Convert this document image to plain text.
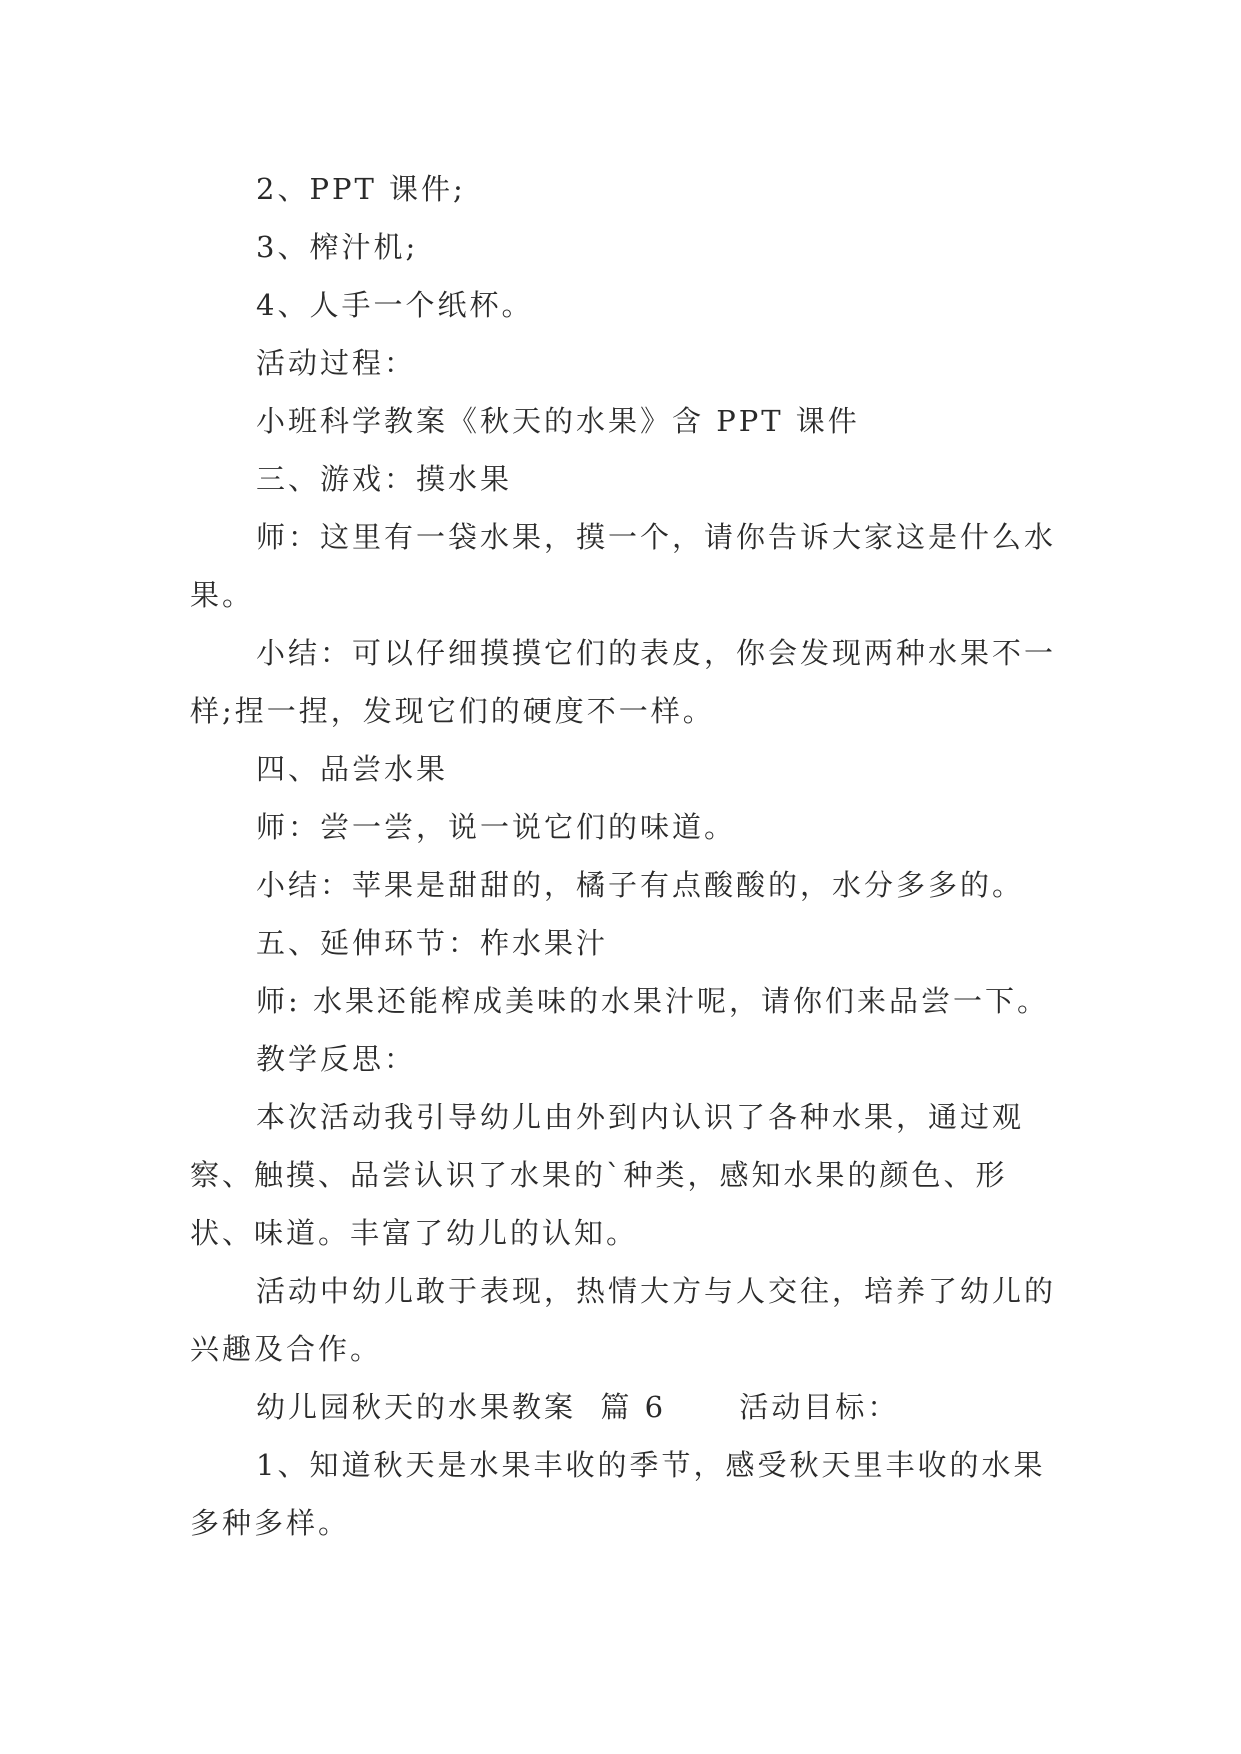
2、PPT 课件;

3、榨汁机;

4、人手一个纸杯。

活动过程：

小班科学教案《秋天的水果》含 PPT 课件

三、游戏：摸水果

师：这里有一袋水果，摸一个，请你告诉大家这是什么水果。

小结：可以仔细摸摸它们的表皮，你会发现两种水果不一样;捏一捏，发现它们的硬度不一样。

四、品尝水果

师：尝一尝，说一说它们的味道。

小结：苹果是甜甜的，橘子有点酸酸的，水分多多的。

五、延伸环节：柞水果汁

师: 水果还能榨成美味的水果汁呢，请你们来品尝一下。

教学反思：

本次活动我引导幼儿由外到内认识了各种水果，通过观察、触摸、品尝认识了水果的`种类，感知水果的颜色、形状、味道。丰富了幼儿的认知。

活动中幼儿敢于表现，热情大方与人交往，培养了幼儿的兴趣及合作。

幼儿园秋天的水果教案  篇 6      活动目标：

1、知道秋天是水果丰收的季节，感受秋天里丰收的水果多种多样。
